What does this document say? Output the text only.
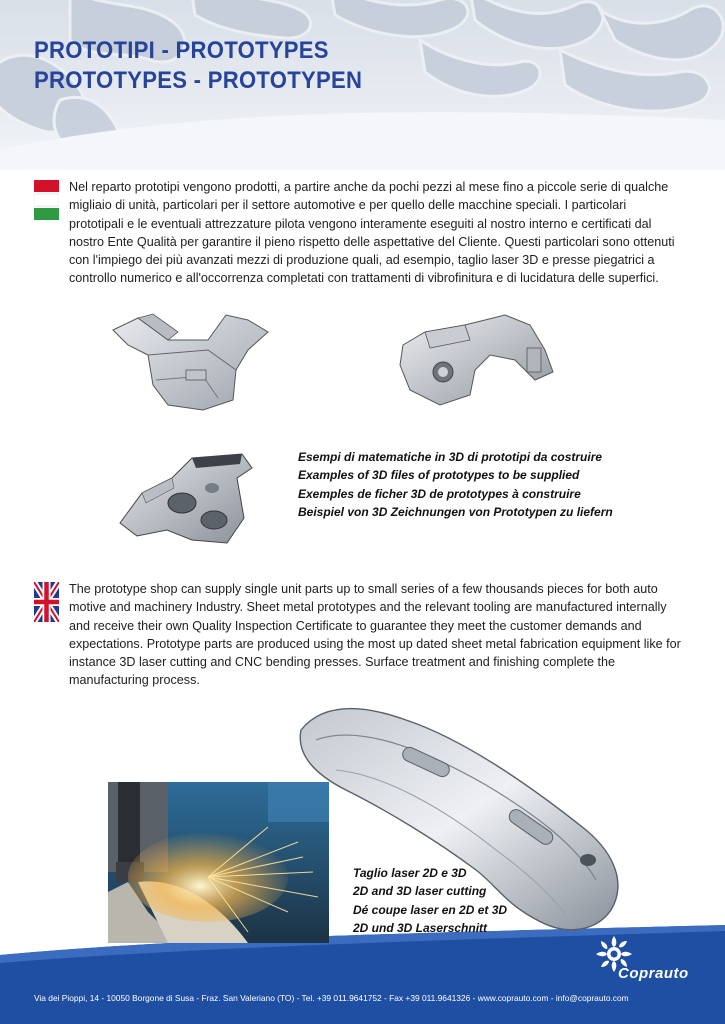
PROTOTIPI - PROTOTYPES
PROTOTYPES - PROTOTYPEN

Nel reparto prototipi vengono prodotti, a partire anche da pochi pezzi al mese fino a piccole serie di qualche migliaio di unità, particolari per il settore automotive e per quello delle macchine speciali. I particolari prototipali e le eventuali attrezzature pilota vengono interamente eseguiti al nostro interno e certificati dal nostro Ente Qualità per garantire il pieno rispetto delle aspettative del Cliente. Questi particolari sono ottenuti con l'impiego dei più avanzati mezzi di produzione quali, ad esempio, taglio laser 3D e presse piegatrici a controllo numerico e all'occorrenza completati con trattamenti di vibrofinitura e di lucidatura delle superfici.

Esempi di matematiche in 3D di prototipi da costruire
Examples of 3D files of prototypes to be supplied
Exemples de ficher 3D de prototypes à construire
Beispiel von 3D Zeichnungen von Prototypen zu liefern

The prototype shop can supply single unit parts up to small series of a few thousands pieces for both auto motive and machinery Industry. Sheet metal prototypes and the relevant tooling are manufactured internally and receive their own Quality Inspection Certificate to guarantee they meet the customer demands and expectations. Prototype parts are produced using the most up dated sheet metal fabrication equipment like for instance 3D laser cutting and CNC bending presses. Surface treatment and finishing complete the manufacturing process.

Taglio laser 2D e 3D
2D and 3D laser cutting
Dé coupe laser en 2D et 3D
2D und 3D Laserschnitt

Coprauto

Via dei Pioppi, 14 - 10050 Borgone di Susa - Fraz. San Valeriano (TO) - Tel. +39 011.9641752 - Fax +39 011.9641326 - www.coprauto.com - info@coprauto.com
